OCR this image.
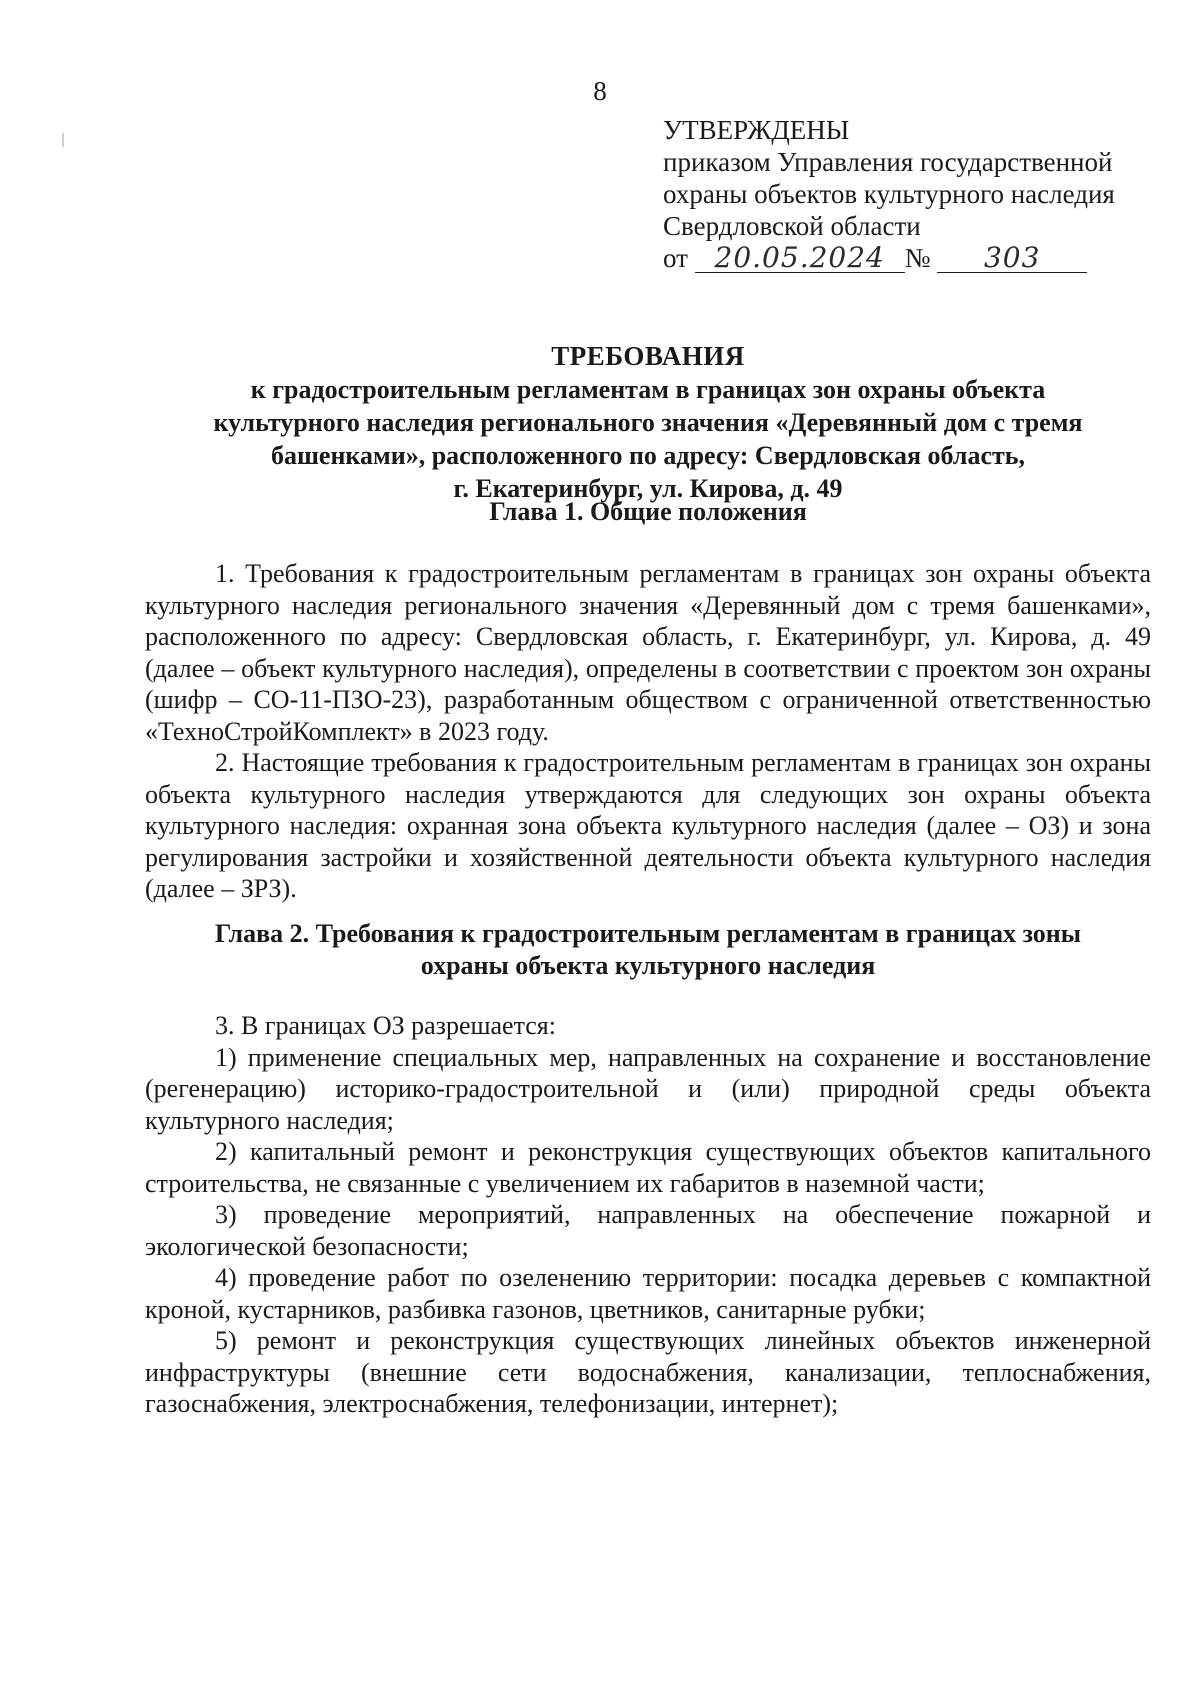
8
УТВЕРЖДЕНЫ
приказом Управления государственной
охраны объектов культурного наследия
Свердловской области
от 20.05.2024 № 303
ТРЕБОВАНИЯ
к градостроительным регламентам в границах зон охраны объекта
культурного наследия регионального значения «Деревянный дом с тремя
башенками», расположенного по адресу: Свердловская область,
г. Екатеринбург, ул. Кирова, д. 49
Глава 1. Общие положения

1. Требования к градостроительным регламентам в границах зон охраны объекта культурного наследия регионального значения «Деревянный дом с тремя башенками», расположенного по адресу: Свердловская область, г. Екатеринбург, ул. Кирова, д. 49 (далее – объект культурного наследия), определены в соответствии с проектом зон охраны (шифр – СО-11-ПЗО-23), разработанным обществом с ограниченной ответственностью «ТехноСтройКомплект» в 2023 году.

2. Настоящие требования к градостроительным регламентам в границах зон охраны объекта культурного наследия утверждаются для следующих зон охраны объекта культурного наследия: охранная зона объекта культурного наследия (далее – ОЗ) и зона регулирования застройки и хозяйственной деятельности объекта культурного наследия (далее – ЗРЗ).

Глава 2. Требования к градостроительным регламентам в границах зоны
охраны объекта культурного наследия

3. В границах ОЗ разрешается:

1) применение специальных мер, направленных на сохранение и восстановление (регенерацию) историко-градостроительной и (или) природной среды объекта культурного наследия;

2) капитальный ремонт и реконструкция существующих объектов капитального строительства, не связанные с увеличением их габаритов в наземной части;

3) проведение мероприятий, направленных на обеспечение пожарной и экологической безопасности;

4) проведение работ по озеленению территории: посадка деревьев с компактной кроной, кустарников, разбивка газонов, цветников, санитарные рубки;

5) ремонт и реконструкция существующих линейных объектов инженерной инфраструктуры (внешние сети водоснабжения, канализации, теплоснабжения, газоснабжения, электроснабжения, телефонизации, интернет);
